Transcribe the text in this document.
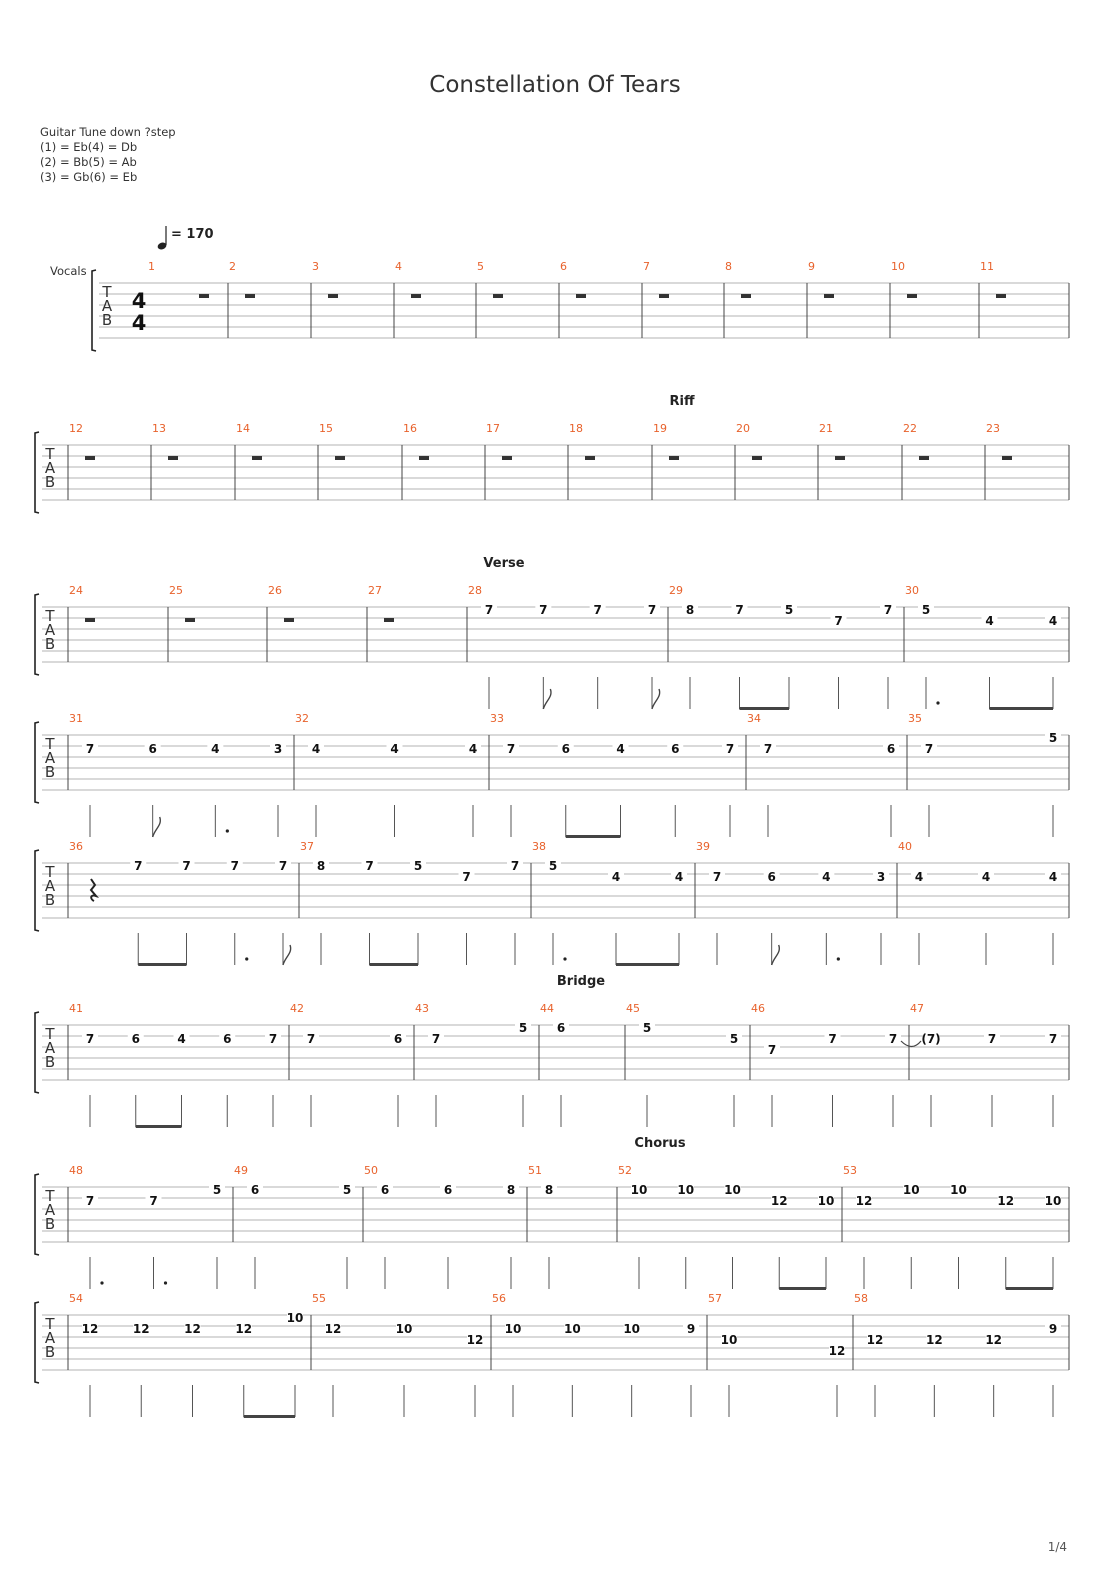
Constellation Of Tears
Guitar Tune down ?step
(1) = Eb(4) = Db
(2) = Bb(5) = Ab
(3) = Gb(6) = Eb
= 170
T
A
B
Vocals
4
4
1	2	3	4	5	6	7	8	9	10	11
T
A
B
Riff
12	13	14	15	16	17	18	19	20	21	22	23
T
A
B
Verse
24	25	26	27	28
7	7	7	7
29
8	7	5
7
7
30
5
4	4
T
A
B
31
7	6	4	3
32
4	4	4
33
7	6	4	6	7
34
7	6
35
7
5
T
A
B
36
7	7	7	7
37
8	7	5
7
7
38
5
4	4
39
7	6	4	3
40
4	4	4
T
A
B
Bridge
41
7	6	4	6	7
42
7	6
43
7
5
44
6
45
5
5
46
7
7	7
47
(7)	7	7
T
A
B
Chorus
48
7	7
5
49
6	5
50
6	6	8
51
8
52
10	10	10
12	10
53
12
10	10
12	10
T
A
B
54
12	12	12	12
10
55
12	10
12
56
10	10	10	9
57
10
12
58
12	12	12
9
1/4
